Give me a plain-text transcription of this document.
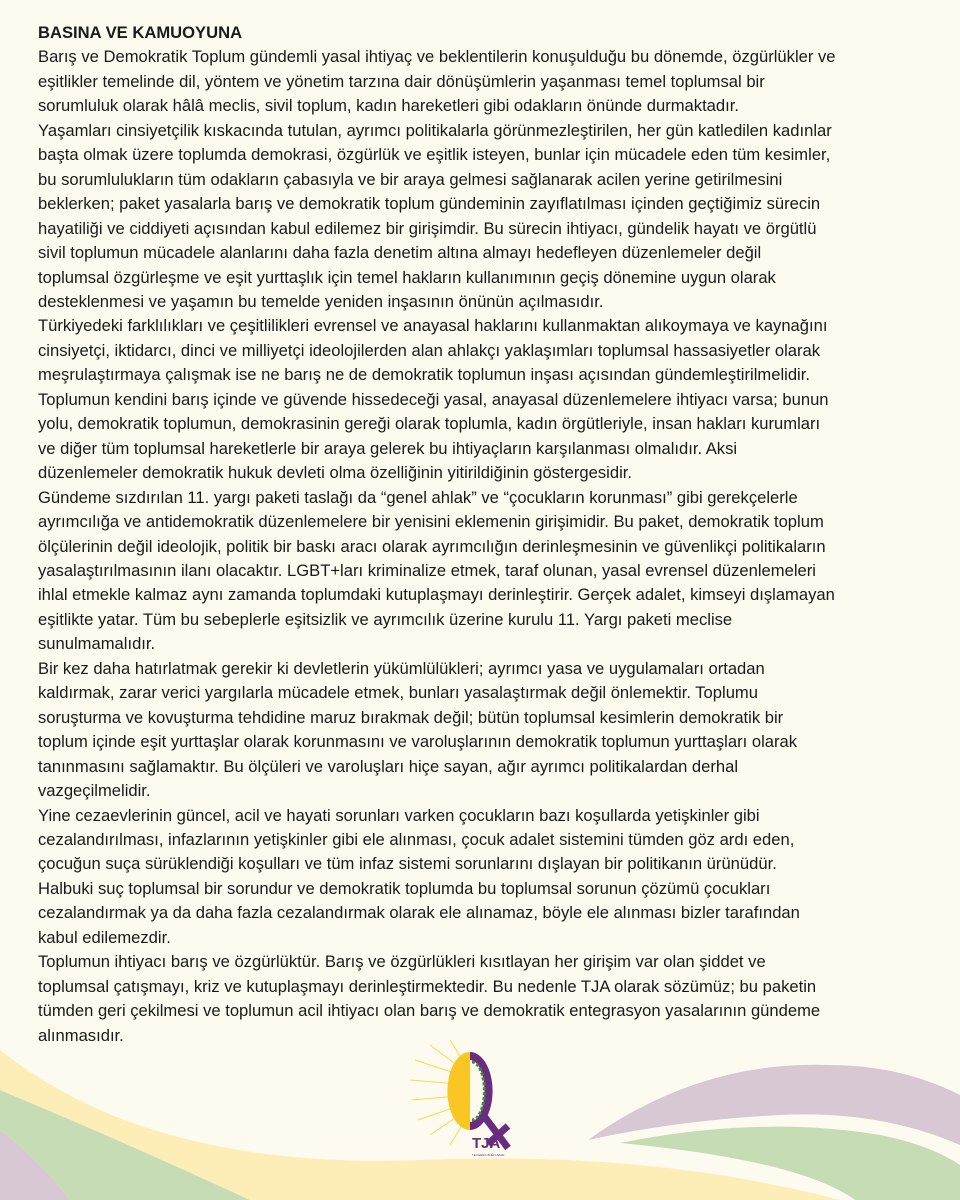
BASINA VE KAMUOYUNA
Barış ve Demokratik Toplum gündemli yasal ihtiyaç ve beklentilerin konuşulduğu bu dönemde, özgürlükler ve
eşitlikler temelinde dil, yöntem ve yönetim tarzına dair dönüşümlerin yaşanması temel toplumsal bir
sorumluluk olarak hâlâ meclis, sivil toplum, kadın hareketleri gibi odakların önünde durmaktadır.
Yaşamları cinsiyetçilik kıskacında tutulan, ayrımcı politikalarla görünmezleştirilen, her gün katledilen kadınlar
başta olmak üzere toplumda demokrasi, özgürlük ve eşitlik isteyen, bunlar için mücadele eden tüm kesimler,
bu sorumlulukların tüm odakların çabasıyla ve bir araya gelmesi sağlanarak acilen yerine getirilmesini
beklerken; paket yasalarla barış ve demokratik toplum gündeminin zayıflatılması içinden geçtiğimiz sürecin
hayatiliği ve ciddiyeti açısından kabul edilemez bir girişimdir. Bu sürecin ihtiyacı, gündelik hayatı ve örgütlü
sivil toplumun mücadele alanlarını daha fazla denetim altına almayı hedefleyen düzenlemeler değil
toplumsal özgürleşme ve eşit yurttaşlık için temel hakların kullanımının geçiş dönemine uygun olarak
desteklenmesi ve yaşamın bu temelde yeniden inşasının önünün açılmasıdır.
Türkiyedeki farklılıkları ve çeşitlilikleri evrensel ve anayasal haklarını kullanmaktan alıkoymaya ve kaynağını
cinsiyetçi, iktidarcı, dinci ve milliyetçi ideolojilerden alan ahlakçı yaklaşımları toplumsal hassasiyetler olarak
meşrulaştırmaya çalışmak ise ne barış ne de demokratik toplumun inşası açısından gündemleştirilmelidir.
Toplumun kendini barış içinde ve güvende hissedeceği yasal, anayasal düzenlemelere ihtiyacı varsa; bunun
yolu, demokratik toplumun, demokrasinin gereği olarak toplumla, kadın örgütleriyle, insan hakları kurumları
ve diğer tüm toplumsal hareketlerle bir araya gelerek bu ihtiyaçların karşılanması olmalıdır. Aksi
düzenlemeler demokratik hukuk devleti olma özelliğinin yitirildiğinin göstergesidir.
Gündeme sızdırılan 11. yargı paketi taslağı da “genel ahlak” ve “çocukların korunması” gibi gerekçelerle
ayrımcılığa ve antidemokratik düzenlemelere bir yenisini eklemenin girişimidir. Bu paket, demokratik toplum
ölçülerinin değil ideolojik, politik bir baskı aracı olarak ayrımcılığın derinleşmesinin ve güvenlikçi politikaların
yasalaştırılmasının ilanı olacaktır. LGBT+ları kriminalize etmek, taraf olunan, yasal evrensel düzenlemeleri
ihlal etmekle kalmaz aynı zamanda toplumdaki kutuplaşmayı derinleştirir. Gerçek adalet, kimseyi dışlamayan
eşitlikte yatar. Tüm bu sebeplerle eşitsizlik ve ayrımcılık üzerine kurulu 11. Yargı paketi meclise
sunulmamalıdır.
Bir kez daha hatırlatmak gerekir ki devletlerin yükümlülükleri; ayrımcı yasa ve uygulamaları ortadan
kaldırmak, zarar verici yargılarla mücadele etmek, bunları yasalaştırmak değil önlemektir. Toplumu
soruşturma ve kovuşturma tehdidine maruz bırakmak değil; bütün toplumsal kesimlerin demokratik bir
toplum içinde eşit yurttaşlar olarak korunmasını ve varoluşlarının demokratik toplumun yurttaşları olarak
tanınmasını sağlamaktır. Bu ölçüleri ve varoluşları hiçe sayan, ağır ayrımcı politikalardan derhal
vazgeçilmelidir.
Yine cezaevlerinin güncel, acil ve hayati sorunları varken çocukların bazı koşullarda yetişkinler gibi
cezalandırılması, infazlarının yetişkinler gibi ele alınması, çocuk adalet sistemini tümden göz ardı eden,
çocuğun suça sürüklendiği koşulları ve tüm infaz sistemi sorunlarını dışlayan bir politikanın ürünüdür.
Halbuki suç toplumsal bir sorundur ve demokratik toplumda bu toplumsal sorunun çözümü çocukları
cezalandırmak ya da daha fazla cezalandırmak olarak ele alınamaz, böyle ele alınması bizler tarafından
kabul edilemezdir.
Toplumun ihtiyacı barış ve özgürlüktür. Barış ve özgürlükleri kısıtlayan her girişim var olan şiddet ve
toplumsal çatışmayı, kriz ve kutuplaşmayı derinleştirmektedir. Bu nedenle TJA olarak sözümüz; bu paketin
tümden geri çekilmesi ve toplumun acil ihtiyacı olan barış ve demokratik entegrasyon yasalarının gündeme
alınmasıdır.
TJA
TEVGERA JINÊN AZAD
